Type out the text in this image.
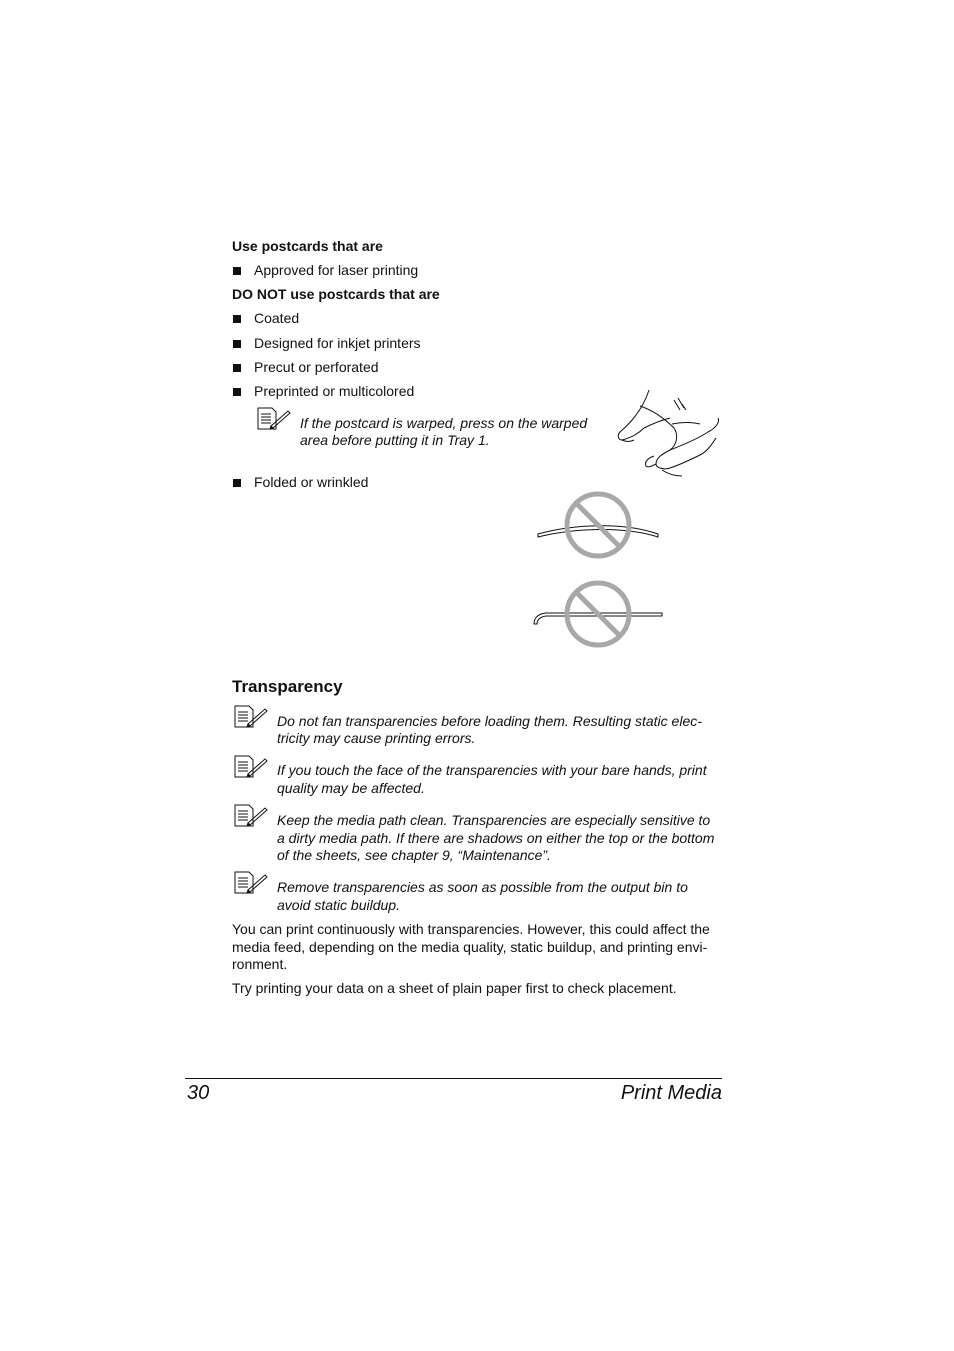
Use postcards that are

Approved for laser printing

DO NOT use postcards that are

Coated

Designed for inkjet printers

Precut or perforated

Preprinted or multicolored

If the postcard is warped, press on the warped

area before putting it in Tray 1.

Folded or wrinkled

Transparency

Do not fan transparencies before loading them. Resulting static elec-

tricity may cause printing errors.

If you touch the face of the transparencies with your bare hands, print

quality may be affected.

Keep the media path clean. Transparencies are especially sensitive to

a dirty media path. If there are shadows on either the top or the bottom

of the sheets, see chapter 9, “Maintenance”.

Remove transparencies as soon as possible from the output bin to

avoid static buildup.

You can print continuously with transparencies. However, this could affect the

media feed, depending on the media quality, static buildup, and printing envi-

ronment.

Try printing your data on a sheet of plain paper first to check placement.

30	Print Media
